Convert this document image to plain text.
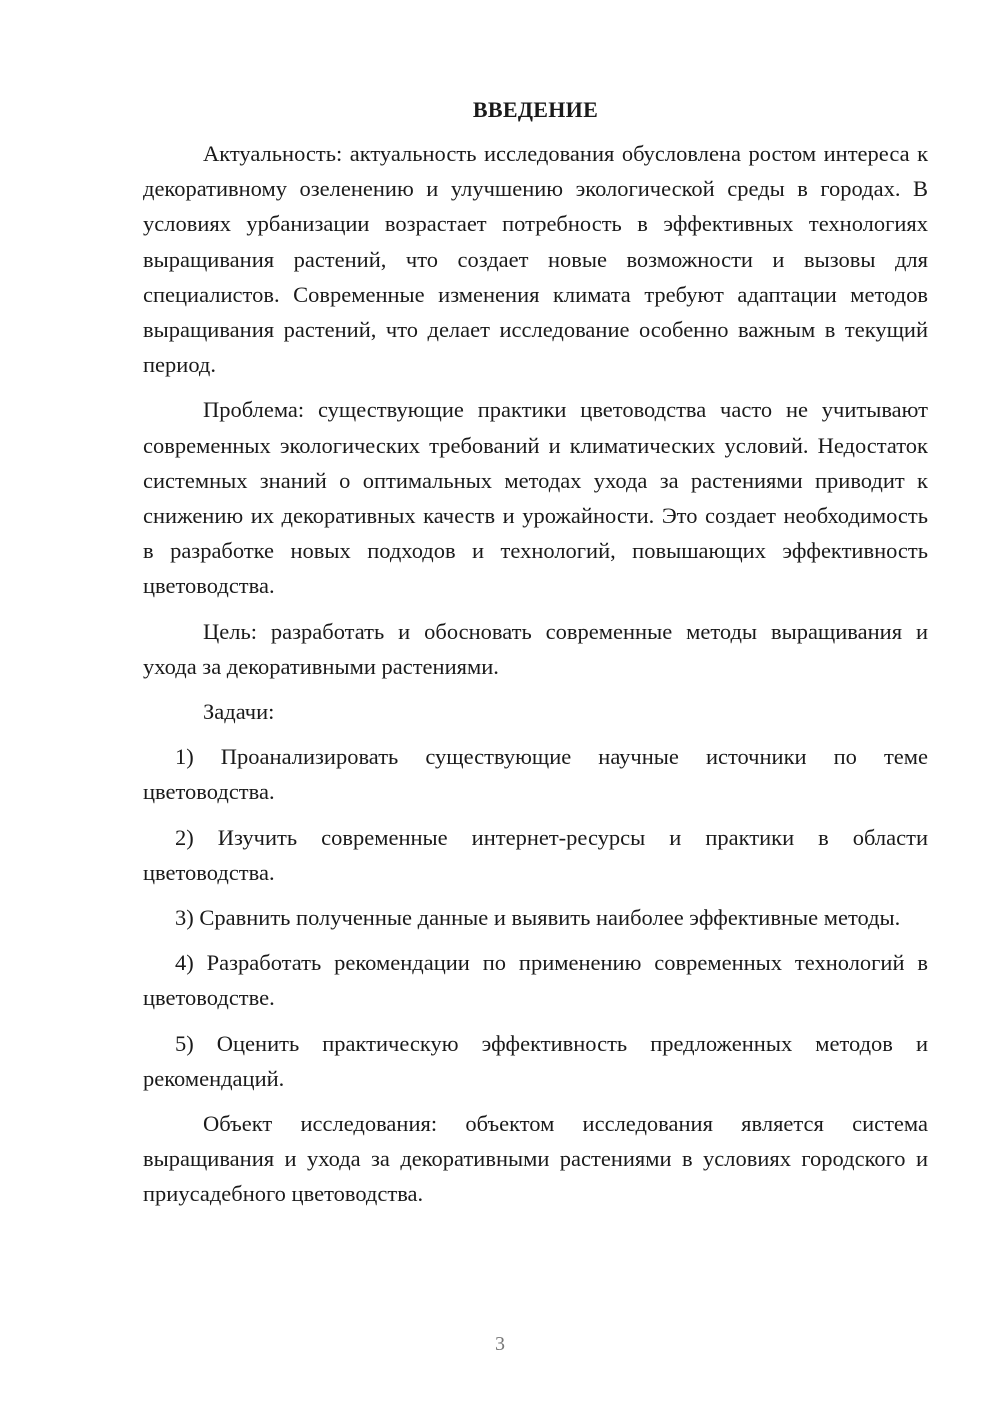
ВВЕДЕНИЕ

Актуальность: актуальность исследования обусловлена ростом интереса к декоративному озеленению и улучшению экологической среды в городах. В условиях урбанизации возрастает потребность в эффективных технологиях выращивания растений, что создает новые возможности и вызовы для специалистов. Современные изменения климата требуют адаптации методов выращивания растений, что делает исследование особенно важным в текущий период.

Проблема: существующие практики цветоводства часто не учитывают современных экологических требований и климатических условий. Недостаток системных знаний о оптимальных методах ухода за растениями приводит к снижению их декоративных качеств и урожайности. Это создает необходимость в разработке новых подходов и технологий, повышающих эффективность цветоводства.

Цель: разработать и обосновать современные методы выращивания и ухода за декоративными растениями.

Задачи:

1) Проанализировать существующие научные источники по теме цветоводства.

2) Изучить современные интернет-ресурсы и практики в области цветоводства.

3) Сравнить полученные данные и выявить наиболее эффективные методы.

4) Разработать рекомендации по применению современных технологий в цветоводстве.

5) Оценить практическую эффективность предложенных методов и рекомендаций.

Объект исследования: объектом исследования является система выращивания и ухода за декоративными растениями в условиях городского и приусадебного цветоводства.

3
